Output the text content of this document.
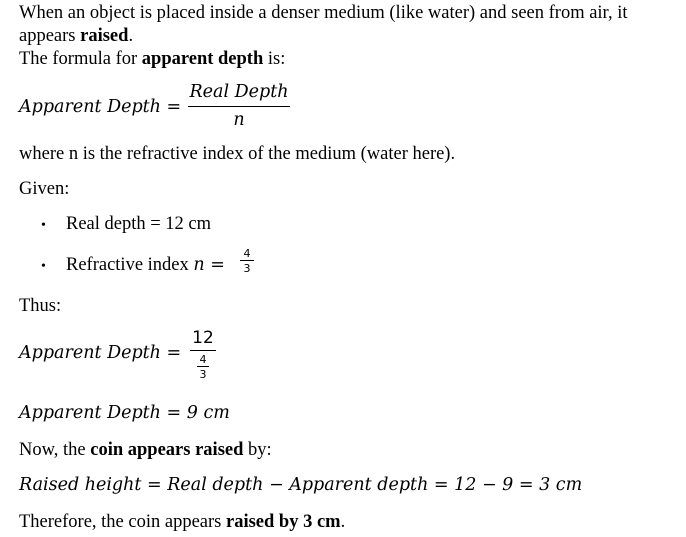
When an object is placed inside a denser medium (like water) and seen from air, it
appears raised.
The formula for apparent depth is:
Apparent Depth =
Real Depth
n
where n is the refractive index of the medium (water here).
Given:
• Real depth = 12 cm
• Refractive index n =
4
3
Thus:
Apparent Depth =
12
4
3
Apparent Depth = 9 cm
Now, the coin appears raised by:
Raised height = Real depth − Apparent depth = 12 − 9 = 3 cm
Therefore, the coin appears raised by 3 cm.
